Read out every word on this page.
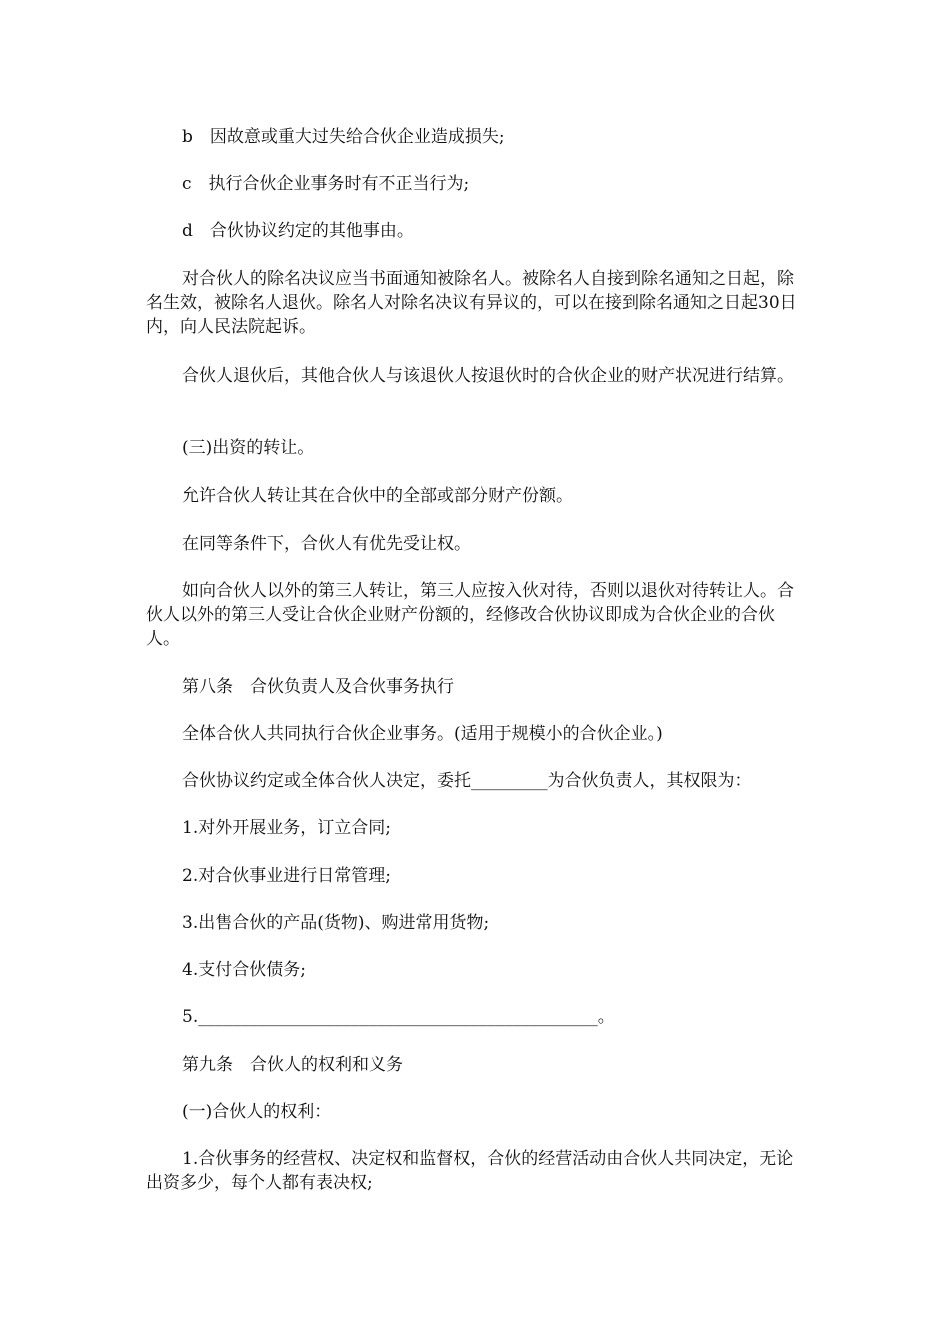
b　因故意或重大过失给合伙企业造成损失;

c　执行合伙企业事务时有不正当行为;

d　合伙协议约定的其他事由。

对合伙人的除名决议应当书面通知被除名人。被除名人自接到除名通知之日起，除名生效，被除名人退伙。除名人对除名决议有异议的，可以在接到除名通知之日起30日内，向人民法院起诉。

合伙人退伙后，其他合伙人与该退伙人按退伙时的合伙企业的财产状况进行结算。

(三)出资的转让。

允许合伙人转让其在合伙中的全部或部分财产份额。

在同等条件下，合伙人有优先受让权。

如向合伙人以外的第三人转让，第三人应按入伙对待，否则以退伙对待转让人。合伙人以外的第三人受让合伙企业财产份额的，经修改合伙协议即成为合伙企业的合伙人。

第八条　合伙负责人及合伙事务执行

全体合伙人共同执行合伙企业事务。(适用于规模小的合伙企业。)

合伙协议约定或全体合伙人决定，委托_________为合伙负责人，其权限为：

1.对外开展业务，订立合同;

2.对合伙事业进行日常管理;

3.出售合伙的产品(货物)、购进常用货物;

4.支付合伙债务;

5._______________________________________________。

第九条　合伙人的权利和义务

(一)合伙人的权利：

1.合伙事务的经营权、决定权和监督权，合伙的经营活动由合伙人共同决定，无论出资多少，每个人都有表决权;
